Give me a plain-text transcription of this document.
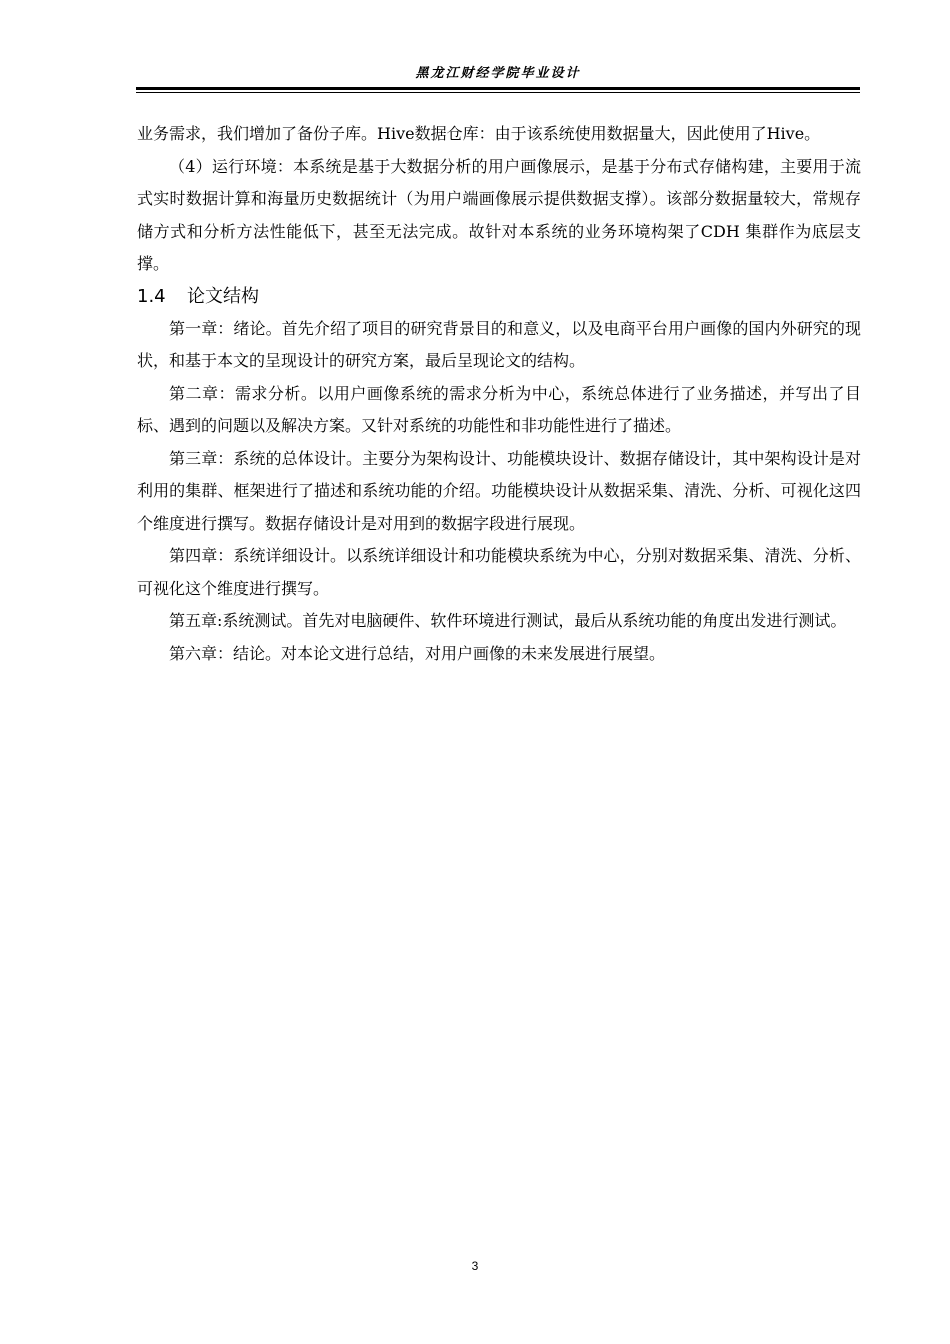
黑龙江财经学院毕业设计

业务需求，我们增加了备份子库。Hive数据仓库：由于该系统使用数据量大，因此使用了Hive。

（4）运行环境：本系统是基于大数据分析的用户画像展示，是基于分布式存储构建，主要用于流式实时数据计算和海量历史数据统计（为用户端画像展示提供数据支撑）。该部分数据量较大，常规存储方式和分析方法性能低下，甚至无法完成。故针对本系统的业务环境构架了CDH 集群作为底层支撑。

1.4 论文结构

第一章：绪论。首先介绍了项目的研究背景目的和意义，以及电商平台用户画像的国内外研究的现状，和基于本文的呈现设计的研究方案，最后呈现论文的结构。

第二章：需求分析。以用户画像系统的需求分析为中心，系统总体进行了业务描述，并写出了目标、遇到的问题以及解决方案。又针对系统的功能性和非功能性进行了描述。

第三章：系统的总体设计。主要分为架构设计、功能模块设计、数据存储设计，其中架构设计是对利用的集群、框架进行了描述和系统功能的介绍。功能模块设计从数据采集、清洗、分析、可视化这四个维度进行撰写。数据存储设计是对用到的数据字段进行展现。

第四章：系统详细设计。以系统详细设计和功能模块系统为中心，分别对数据采集、清洗、分析、可视化这个维度进行撰写。

第五章:系统测试。首先对电脑硬件、软件环境进行测试，最后从系统功能的角度出发进行测试。

第六章：结论。对本论文进行总结，对用户画像的未来发展进行展望。

3
